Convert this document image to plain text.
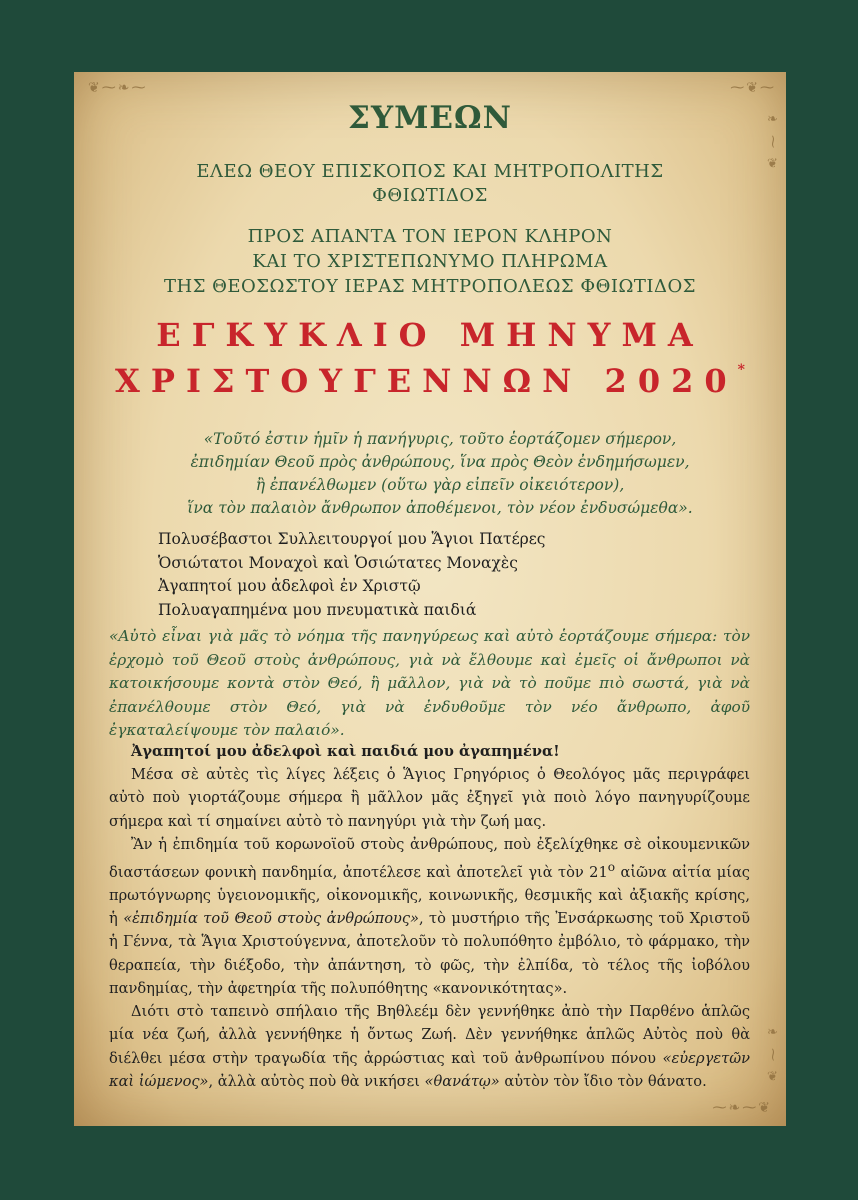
❦⁓❧⁓	⁓❦⁓
⁓❧⁓❦
❧ ⁓ ❦
❧ ⁓ ❦
ΣΥΜΕΩΝ
ΕΛΕΩ ΘΕΟΥ ΕΠΙΣΚΟΠΟΣ ΚΑΙ ΜΗΤΡΟΠΟΛΙΤΗΣ
ΦΘΙΩΤΙΔΟΣ
ΠΡΟΣ ΑΠΑΝΤΑ ΤΟΝ ΙΕΡΟΝ ΚΛΗΡΟΝ
ΚΑΙ ΤΟ ΧΡΙΣΤΕΠΩΝΥΜΟ ΠΛΗΡΩΜΑ
ΤΗΣ ΘΕΟΣΩΣΤΟΥ ΙΕΡΑΣ ΜΗΤΡΟΠΟΛΕΩΣ ΦΘΙΩΤΙΔΟΣ
ΕΓΚΥΚΛΙΟ ΜΗΝΥΜΑ
ΧΡΙΣΤΟΥΓΕΝΝΩΝ 2020*
«Τοῦτό ἐστιν ἡμῖν ἡ πανήγυρις, τοῦτο ἑορτάζομεν σήμερον,
ἐπιδημίαν Θεοῦ πρὸς ἀνθρώπους, ἵνα πρὸς Θεὸν ἐνδημήσωμεν,
ἢ ἐπανέλθωμεν (οὕτω γὰρ εἰπεῖν οἰκειότερον),
ἵνα τὸν παλαιὸν ἄνθρωπον ἀποθέμενοι, τὸν νέον ἐνδυσώμεθα».
Πολυσέβαστοι Συλλειτουργοί μου Ἅγιοι Πατέρες
Ὁσιώτατοι Μοναχοὶ καὶ Ὁσιώτατες Μοναχὲς
Ἀγαπητοί μου ἀδελφοὶ ἐν Χριστῷ
Πολυαγαπημένα μου πνευματικὰ παιδιά
«Αὐτὸ εἶναι γιὰ μᾶς τὸ νόημα τῆς πανηγύρεως καὶ αὐτὸ ἑορτάζουμε σήμερα: τὸν ἐρχομὸ τοῦ Θεοῦ στοὺς ἀνθρώπους, γιὰ νὰ ἔλθουμε καὶ ἐμεῖς οἱ ἄνθρωποι νὰ κατοικήσουμε κοντὰ στὸν Θεό, ἢ μᾶλλον, γιὰ νὰ τὸ ποῦμε πιὸ σωστά, γιὰ νὰ ἐπανέλθουμε στὸν Θεό, γιὰ νὰ ἐνδυθοῦμε τὸν νέο ἄνθρωπο, ἀφοῦ ἐγκαταλείψουμε τὸν παλαιό».

Ἀγαπητοί μου ἀδελφοὶ καὶ παιδιά μου ἀγαπημένα!

Μέσα σὲ αὐτὲς τὶς λίγες λέξεις ὁ Ἅγιος Γρηγόριος ὁ Θεολόγος μᾶς περιγράφει αὐτὸ ποὺ γιορτάζουμε σήμερα ἢ μᾶλλον μᾶς ἐξηγεῖ γιὰ ποιὸ λόγο πανηγυρίζουμε σήμερα καὶ τί σημαίνει αὐτὸ τὸ πανηγύρι γιὰ τὴν ζωή μας.

Ἂν ἡ ἐπιδημία τοῦ κορωνοϊοῦ στοὺς ἀνθρώπους, ποὺ ἐξελίχθηκε σὲ οἰκουμενικῶν διαστάσεων φονικὴ πανδημία, ἀποτέλεσε καὶ ἀποτελεῖ γιὰ τὸν $21^o$ αἰῶνα αἰτία μίας πρωτόγνωρης ὑγειονομικῆς, οἰκονομικῆς, κοινωνικῆς, θεσμικῆς καὶ ἀξιακῆς κρίσης, ἡ «ἐπιδημία τοῦ Θεοῦ στοὺς ἀνθρώπους», τὸ μυστήριο τῆς Ἐνσάρκωσης τοῦ Χριστοῦ ἡ Γέννα, τὰ Ἅγια Χριστούγεννα, ἀποτελοῦν τὸ πολυπόθητο ἐμβόλιο, τὸ φάρμακο, τὴν θεραπεία, τὴν διέξοδο, τὴν ἀπάντηση, τὸ φῶς, τὴν ἐλπίδα, τὸ τέλος τῆς ἰοβόλου πανδημίας, τὴν ἀφετηρία τῆς πολυπόθητης «κανονικότητας».

Διότι στὸ ταπεινὸ σπήλαιο τῆς Βηθλεέμ δὲν γεννήθηκε ἀπὸ τὴν Παρθένο ἁπλῶς μία νέα ζωή, ἀλλὰ γεννήθηκε ἡ ὄντως Ζωή. Δὲν γεννήθηκε ἁπλῶς Αὐτὸς ποὺ θὰ διέλθει μέσα στὴν τραγωδία τῆς ἀρρώστιας καὶ τοῦ ἀνθρωπίνου πόνου «εὐεργετῶν καὶ ἰώμενος», ἀλλὰ αὐτὸς ποὺ θὰ νικήσει «θανάτῳ» αὐτὸν τὸν ἴδιο τὸν θάνατο.
